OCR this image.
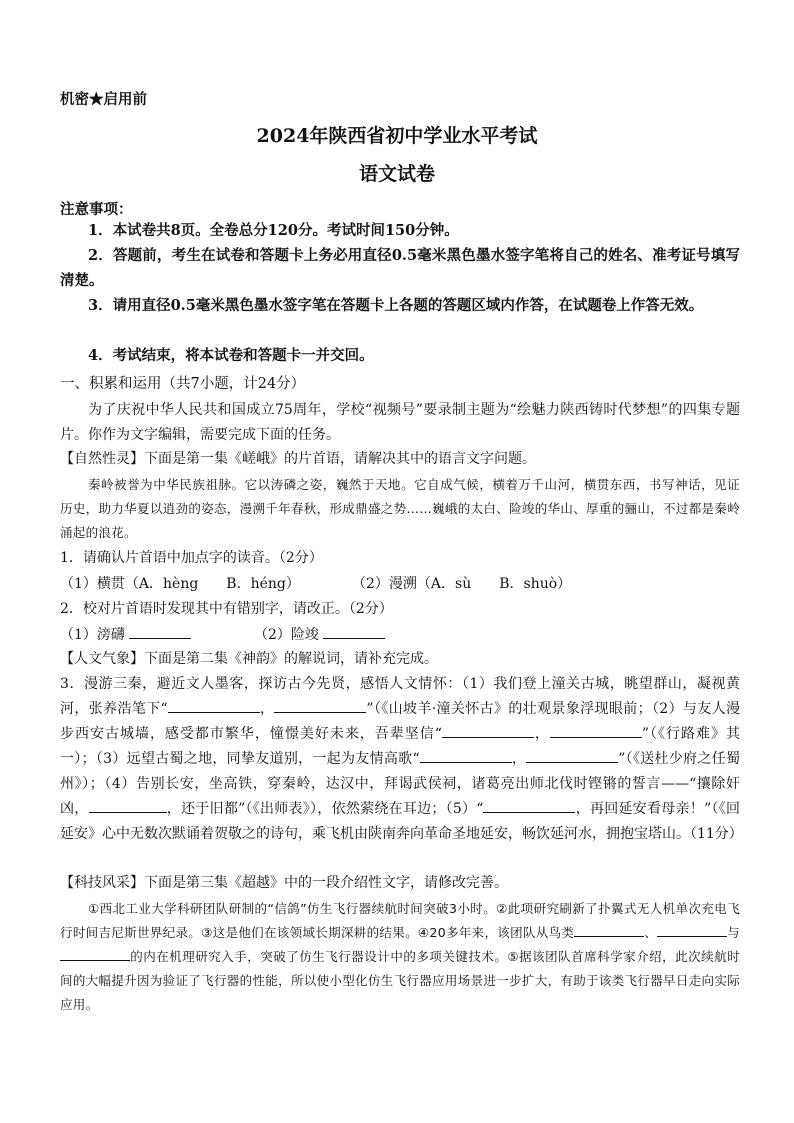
机密★启用前
2024年陕西省初中学业水平考试
语文试卷
注意事项：
1．本试卷共8页。全卷总分120分。考试时间150分钟。
2．答题前，考生在试卷和答题卡上务必用直径0.5毫米黑色墨水签字笔将自己的姓名、准考证号填写清楚。
3．请用直径0.5毫米黑色墨水签字笔在答题卡上各题的答题区域内作答，在试题卷上作答无效。
4．考试结束，将本试卷和答题卡一并交回。
一、积累和运用（共7小题，计24分）
为了庆祝中华人民共和国成立75周年，学校“视频号”要录制主题为“绘魅力陕西铸时代梦想”的四集专题片。你作为文字编辑，需要完成下面的任务。
【自然性灵】下面是第一集《嵯峨》的片首语，请解决其中的语言文字问题。
秦岭被誉为中华民族祖脉。它以涛磷之姿，巍然于天地。它自成气候，横着万千山河，横贯东西，书写神话，见证历史，助力华夏以逍劲的姿态，漫溯千年春秋，形成鼎盛之势……巍峨的太白、险竣的华山、厚重的骊山，不过都是秦岭涌起的浪花。
1．请确认片首语中加点字的读音。（2分）
（1）横贯（A．hèng　　B．héng）	（2）漫溯（A．sù　　B．shuò）
2．校对片首语时发现其中有错别字，请改正。（2分）
（1）滂礴	（2）险竣
【人文气象】下面是第二集《神韵》的解说词，请补充完成。
3．漫游三秦，避近文人墨客，探访古今先贤，感悟人文情怀：（1）我们登上潼关古城，眺望群山，凝视黄河，张养浩笔下“	，	”（《山坡羊·潼关怀古》的壮观景象浮现眼前；（2）与友人漫步西安古城墙，感受都市繁华，憧憬美好未来，吾辈坚信“	，	”（《行路难》其一）；（3）远望古蜀之地，同挚友道别，一起为友情高歌“	，	”（《送杜少府之任蜀州》）；（4）告别长安，坐高铁，穿秦岭，达汉中，拜谒武侯祠，诸葛亮出师北伐时铿锵的誓言——“攘除奸凶，	，还于旧都”（《出师表》），依然萦绕在耳边；（5）“	，再回延安看母亲！”（《回延安》心中无数次默诵着贺敬之的诗句，乘飞机由陕南奔向革命圣地延安，畅饮延河水，拥抱宝塔山。（11分）
【科技风采】下面是第三集《超越》中的一段介绍性文字，请修改完善。
①西北工业大学科研团队研制的“信鸽”仿生飞行器续航时间突破3小时。②此项研究刷新了扑翼式无人机单次充电飞行时间吉尼斯世界纪录。③这是他们在该领域长期深耕的结果。④20多年来，该团队从鸟类	、	与的内在机理研究入手，突破了仿生飞行器设计中的多项关键技术。⑤据该团队首席科学家介绍，此次续航时间的大幅提升因为验证了飞行器的性能，所以使小型化仿生飞行器应用场景进一步扩大，有助于该类飞行器早日走向实际应用。
